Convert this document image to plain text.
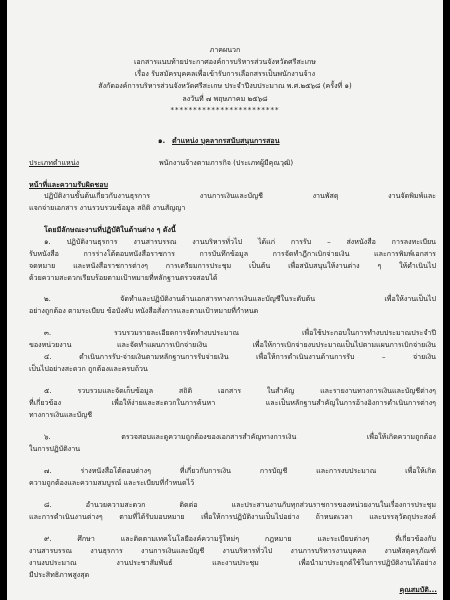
ภาคผนวก
เอกสารแนบท้ายประกาศองค์การบริหารส่วนจังหวัดศรีสะเกษ
เรื่อง รับสมัครบุคคลเพื่อเข้ารับการเลือกสรรเป็นพนักงานจ้าง
สังกัดองค์การบริหารส่วนจังหวัดศรีสะเกษ ประจำปีงบประมาณ พ.ศ.๒๕๖๘ (ครั้งที่ ๑)
ลงวันที่ ๗ พฤษภาคม ๒๕๖๘
************************
๑. ตำแหน่ง บุคลากรสนับสนุนการสอน
ประเภทตำแหน่ง	พนักงานจ้างตามภารกิจ (ประเภทผู้มีคุณวุฒิ)
หน้าที่และความรับผิดชอบ
ปฏิบัติงานขั้นต้นเกี่ยวกับงานธุรการ งานการเงินและบัญชี งานพัสดุ งานจัดพิมพ์และ
แจกจ่ายเอกสาร งานรวบรวมข้อมูล สถิติ งานสัญญา
โดยมีลักษณะงานที่ปฏิบัติในด้านต่าง ๆ ดังนี้
๑. ปฏิบัติงานธุรการ งานสารบรรณ งานบริหารทั่วไป ได้แก่ การรับ – ส่งหนังสือ การลงทะเบียน
รับหนังสือ การร่างโต้ตอบหนังสือราชการ การบันทึกข้อมูล การจัดทำฎีกาเบิกจ่ายเงิน และการพิมพ์เอกสาร
จดหมาย และหนังสือราชการต่างๆ การเตรียมการประชุม เป็นต้น เพื่อสนับสนุนให้งานต่าง ๆ ให้ดำเนินไป
ด้วยความสะดวกเรียบร้อยตามเป้าหมายที่หลักฐานตรวจสอบได้
๒. จัดทำและปฏิบัติงานด้านเอกสารทางการเงินและบัญชีในระดับต้น เพื่อให้งานเป็นไป
อย่างถูกต้อง ตามระเบียบ ข้อบังคับ หนังสือสั่งการและตามเป้าหมายที่กำหนด
๓. รวบรวมรายละเอียดการจัดทำงบประมาณ เพื่อใช้ประกอบในการทำงบประมาณประจำปี
ของหน่วยงาน และจัดทำแผนการเบิกจ่ายเงิน เพื่อให้การเบิกจ่ายงบประมาณเป็นไปตามแผนการเบิกจ่ายเงิน
๔. ดำเนินการรับ-จ่ายเงินตามหลักฐานการรับจ่ายเงิน เพื่อให้การดำเนินงานด้านการรับ – จ่ายเงิน
เป็นไปอย่างสะดวก ถูกต้องและครบถ้วน
๕. รวบรวมและจัดเก็บข้อมูล สถิติ เอกสาร ในสำคัญ และรายงานทางการเงินและบัญชีต่างๆ
ที่เกี่ยวข้อง เพื่อให้ง่ายและสะดวกในการค้นหา และเป็นหลักฐานสำคัญในการอ้างอิงการดำเนินการต่างๆ
ทางการเงินและบัญชี
๖. ตรวจสอบและดูความถูกต้องของเอกสารสำคัญทางการเงิน เพื่อให้เกิดความถูกต้อง
ในการปฏิบัติงาน
๗. ร่างหนังสือโต้ตอบต่างๆ ที่เกี่ยวกับการเงิน การบัญชี และการงบประมาณ เพื่อให้เกิด
ความถูกต้องและความสมบูรณ์ และระเบียบที่กำหนดไว้
๘. อำนวยความสะดวก ติดต่อ และประสานงานกับทุกส่วนราชการของหน่วยงานในเรื่องการประชุม
และการดำเนินงานต่างๆ ตามที่ได้รับมอบหมาย เพื่อให้การปฏิบัติงานเป็นไปอย่าง ถ้าหนดเวลา และบรรลุวัตถุประสงค์
๙. ศึกษา และติดตามเทคโนโลยีองค์ความรู้ใหม่ๆ กฎหมาย และระเบียบต่างๆ ที่เกี่ยวข้องกับ
งานสารบรรณ งานธุรการ งานการเงินและบัญชี งานบริหารทั่วไป งานการบริหารงานบุคคล งานพัสดุครุภัณฑ์
งานงบประมาณ งานประชาสัมพันธ์ และงานประชุม เพื่อนำมาประยุกต์ใช้ในการปฏิบัติงานได้อย่าง
มีประสิทธิภาพสูงสุด
คุณสมบัติ...
